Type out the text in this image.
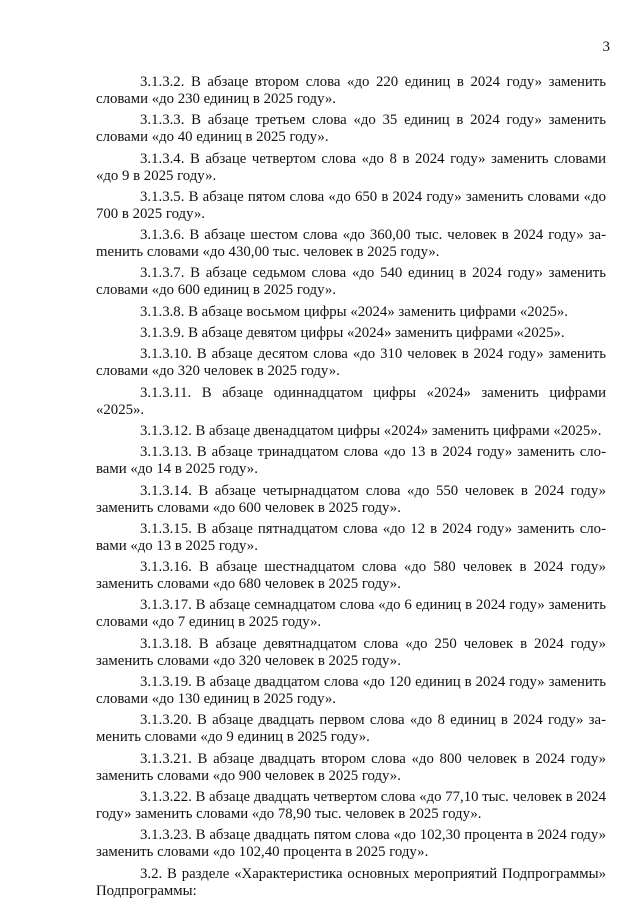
3

3.1.3.2. В абзаце втором слова «до 220 единиц в 2024 году» заменить словами «до 230 единиц в 2025 году».

3.1.3.3. В абзаце третьем слова «до 35 единиц в 2024 году» заменить словами «до 40 единиц в 2025 году».

3.1.3.4. В абзаце четвертом слова «до 8 в 2024 году» заменить словами «до 9 в 2025 году».

3.1.3.5. В абзаце пятом слова «до 650 в 2024 году» заменить словами «до 700 в 2025 году».

3.1.3.6. В абзаце шестом слова «до 360,00 тыс. человек в 2024 году» заmенить словами «до 430,00 тыс. человек в 2025 году».

3.1.3.7. В абзаце седьмом слова «до 540 единиц в 2024 году» заменить словами «до 600 единиц в 2025 году».

3.1.3.8. В абзаце восьмом цифры «2024» заменить цифрами «2025».

3.1.3.9. В абзаце девятом цифры «2024» заменить цифрами «2025».

3.1.3.10. В абзаце десятом слова «до 310 человек в 2024 году» заменить словами «до 320 человек в 2025 году».

3.1.3.11. В абзаце одиннадцатом цифры «2024» заменить цифрами «2025».

3.1.3.12. В абзаце двенадцатом цифры «2024» заменить цифрами «2025».

3.1.3.13. В абзаце тринадцатом слова «до 13 в 2024 году» заменить словами «до 14 в 2025 году».

3.1.3.14. В абзаце четырнадцатом слова «до 550 человек в 2024 году» заменить словами «до 600 человек в 2025 году».

3.1.3.15. В абзаце пятнадцатом слова «до 12 в 2024 году» заменить словами «до 13 в 2025 году».

3.1.3.16. В абзаце шестнадцатом слова «до 580 человек в 2024 году» заменить словами «до 680 человек в 2025 году».

3.1.3.17. В абзаце семнадцатом слова «до 6 единиц в 2024 году» заменить словами «до 7 единиц в 2025 году».

3.1.3.18. В абзаце девятнадцатом слова «до 250 человек в 2024 году» заменить словами «до 320 человек в 2025 году».

3.1.3.19. В абзаце двадцатом слова «до 120 единиц в 2024 году» заменить словами «до 130 единиц в 2025 году».

3.1.3.20. В абзаце двадцать первом слова «до 8 единиц в 2024 году» заменить словами «до 9 единиц в 2025 году».

3.1.3.21. В абзаце двадцать втором слова «до 800 человек в 2024 году» заменить словами «до 900 человек в 2025 году».

3.1.3.22. В абзаце двадцать четвертом слова «до 77,10 тыс. человек в 2024 году» заменить словами «до 78,90 тыс. человек в 2025 году».

3.1.3.23. В абзаце двадцать пятом слова «до 102,30 процента в 2024 году» заменить словами «до 102,40 процента в 2025 году».

3.2. В разделе «Характеристика основных мероприятий Подпрограммы» Подпрограммы:
